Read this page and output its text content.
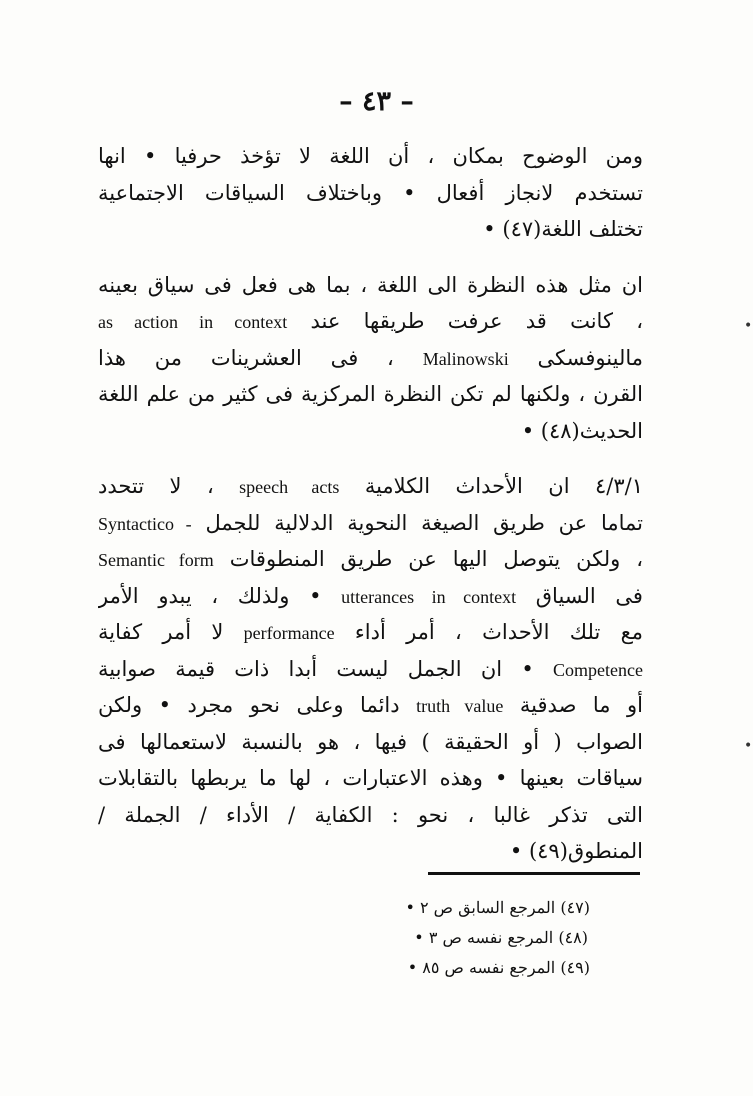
– ٤٣ –
ومن الوضوح بمكان ، أن اللغة لا تؤخذ حرفيا • انها
تستخدم لانجاز أفعال • وباختلاف السياقات الاجتماعية
تختلف اللغة(٤٧) •
ان مثل هذه النظرة الى اللغة ، بما هى فعل فى سياق بعينه
، كانت قد عرفت طريقها عند as action in context
مالينوفسكى Malinowski ، فى العشرينات من هذا
القرن ، ولكنها لم تكن النظرة المركزية فى كثير من علم اللغة
الحديث(٤٨) •
٤/٣/١ ان الأحداث الكلامية speech acts ، لا تتحدد
تماما عن طريق الصيغة النحوية الدلالية للجمل Syntactico -
، ولكن يتوصل اليها عن طريق المنطوقات Semantic form
فى السياق utterances in context • ولذلك ، يبدو الأمر
مع تلك الأحداث ، أمر أداء performance لا أمر كفاية
Competence • ان الجمل ليست أبدا ذات قيمة صوابية
أو ما صدقية truth value دائما وعلى نحو مجرد • ولكن
الصواب ( أو الحقيقة ) فيها ، هو بالنسبة لاستعمالها فى
سياقات بعينها • وهذه الاعتبارات ، لها ما يربطها بالتقابلات
التى تذكر غالبا ، نحو : الكفاية / الأداء / الجملة /
المنطوق(٤٩) •
(٤٧) المرجع السابق ص ٢ •
(٤٨) المرجع نفسه ص ٣ •
(٤٩) المرجع نفسه ص ٨٥ •
•
•
